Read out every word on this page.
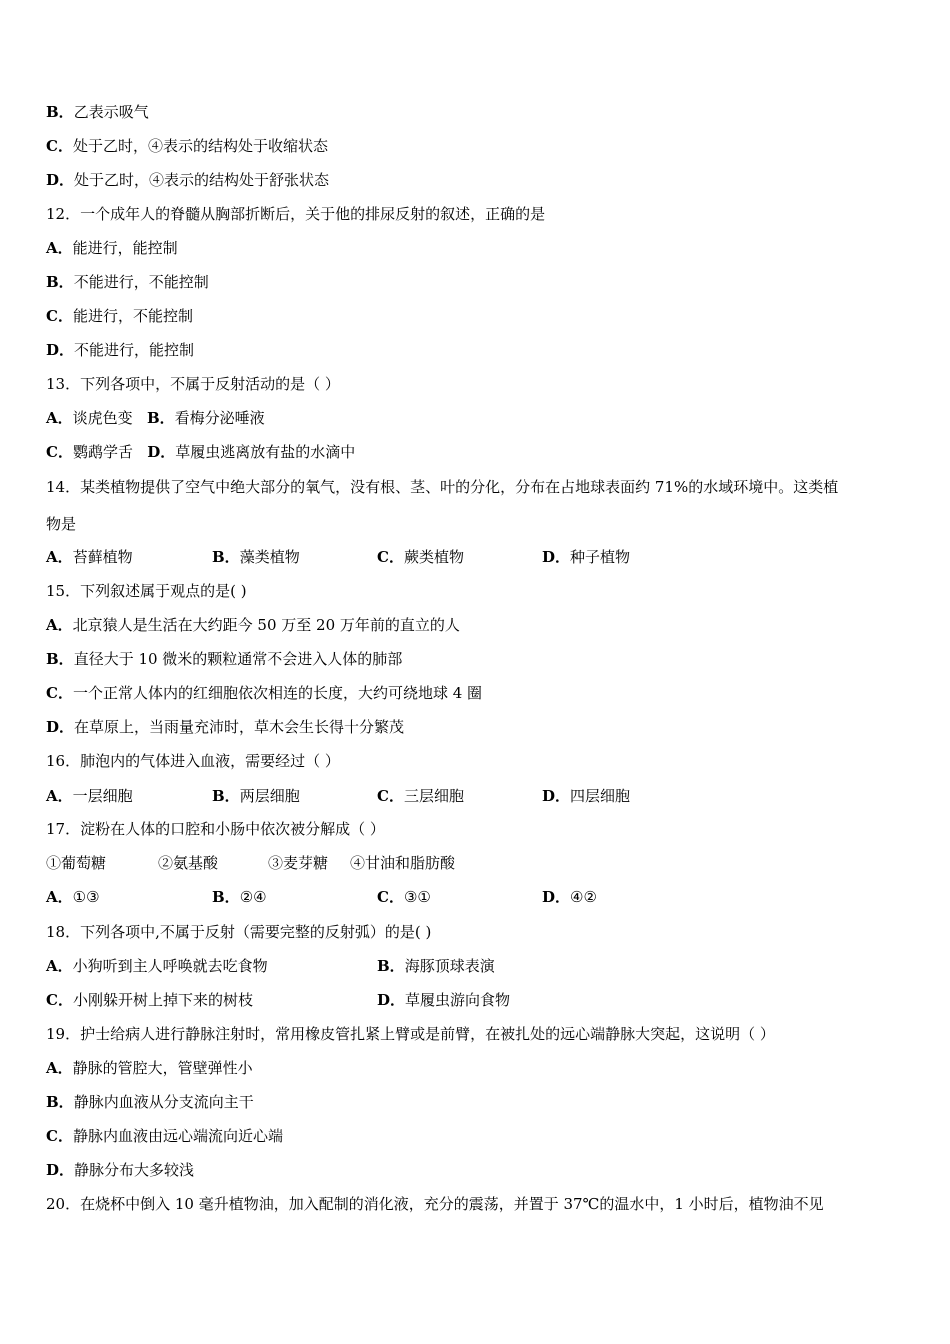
B．乙表示吸气
C．处于乙时，④表示的结构处于收缩状态
D．处于乙时，④表示的结构处于舒张状态
12．一个成年人的脊髓从胸部折断后，关于他的排尿反射的叙述，正确的是
A．能进行，能控制
B．不能进行，不能控制
C．能进行，不能控制
D．不能进行，能控制
13．下列各项中，不属于反射活动的是（ ）
A．谈虎色变 B．看梅分泌唾液
C．鹦鹉学舌 D．草履虫逃离放有盐的水滴中
14．某类植物提供了空气中绝大部分的氧气，没有根、茎、叶的分化，分布在占地球表面约 71%的水域环境中。这类植
物是
A．苔藓植物	B．藻类植物	C．蕨类植物	D．种子植物
15．下列叙述属于观点的是( )
A．北京猿人是生活在大约距今 50 万至 20 万年前的直立的人
B．直径大于 10 微米的颗粒通常不会进入人体的肺部
C．一个正常人体内的红细胞依次相连的长度，大约可绕地球 4 圈
D．在草原上，当雨量充沛时，草木会生长得十分繁茂
16．肺泡内的气体进入血液，需要经过（ ）
A．一层细胞	B．两层细胞	C．三层细胞	D．四层细胞
17．淀粉在人体的口腔和小肠中依次被分解成（ ）
①葡萄糖	②氨基酸	③麦芽糖 ④甘油和脂肪酸
A．①③	B．②④	C．③①	D．④②
18．下列各项中,不属于反射（需要完整的反射弧）的是( )
A．小狗听到主人呼唤就去吃食物	B．海豚顶球表演
C．小刚躲开树上掉下来的树枝	D．草履虫游向食物
19．护士给病人进行静脉注射时，常用橡皮管扎紧上臂或是前臂，在被扎处的远心端静脉大突起，这说明（ ）
A．静脉的管腔大，管壁弹性小
B．静脉内血液从分支流向主干
C．静脉内血液由远心端流向近心端
D．静脉分布大多较浅
20．在烧杯中倒入 10 毫升植物油，加入配制的消化液，充分的震荡，并置于 37℃的温水中，1 小时后，植物油不见
